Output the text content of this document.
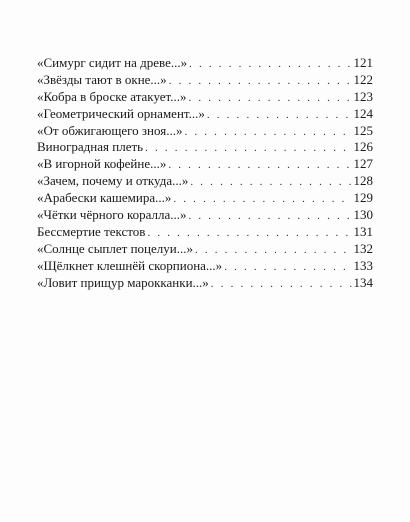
«Симург сидит на древе...» . . .	121
«Звёзды тают в окне...» . . .	122
«Кобра в броске атакует...» . . .	123
«Геометрический орнамент...» . . .	124
«От обжигающего зноя...» . . .	125
Виноградная плеть . . .	126
«В игорной кофейне...» . . .	127
«Зачем, почему и откуда...» . . .	128
«Арабески кашемира...» . . .	129
«Чётки чёрного коралла...» . . .	130
Бессмертие текстов . . .	131
«Солнце сыплет поцелуи...» . . .	132
«Щёлкнет клешнёй скорпиона...» . . .	133
«Ловит прищур марокканки...» . . .	134
